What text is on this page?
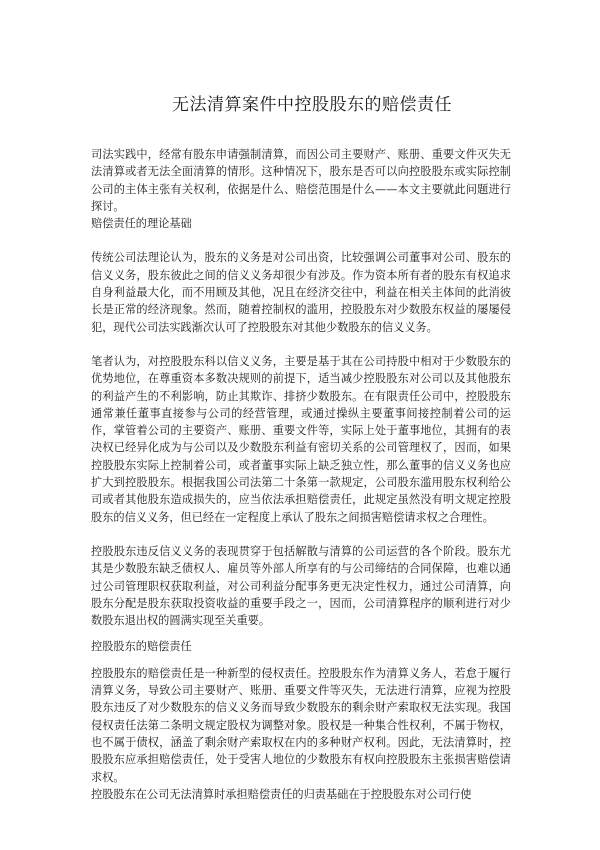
无法清算案件中控股股东的赔偿责任

司法实践中，经常有股东申请强制清算，而因公司主要财产、账册、重要文件灭失无法清算或者无法全面清算的情形。这种情况下，股东是否可以向控股股东或实际控制公司的主体主张有关权利，依据是什么、赔偿范围是什么——本文主要就此问题进行探讨。

赔偿责任的理论基础

传统公司法理论认为，股东的义务是对公司出资，比较强调公司董事对公司、股东的信义义务，股东彼此之间的信义义务却很少有涉及。作为资本所有者的股东有权追求自身利益最大化，而不用顾及其他，况且在经济交往中，利益在相关主体间的此消彼长是正常的经济现象。然而，随着控制权的滥用，控股股东对少数股东权益的屡屡侵犯，现代公司法实践渐次认可了控股股东对其他少数股东的信义义务。

笔者认为，对控股股东科以信义义务，主要是基于其在公司持股中相对于少数股东的优势地位，在尊重资本多数决规则的前提下，适当减少控股股东对公司以及其他股东的利益产生的不利影响，防止其欺诈、排挤少数股东。在有限责任公司中，控股股东通常兼任董事直接参与公司的经营管理，或通过操纵主要董事间接控制着公司的运作，掌管着公司的主要资产、账册、重要文件等，实际上处于董事地位，其拥有的表决权已经异化成为与公司以及少数股东利益有密切关系的公司管理权了，因而，如果控股股东实际上控制着公司，或者董事实际上缺乏独立性，那么董事的信义义务也应扩大到控股股东。根据我国公司法第二十条第一款规定，公司股东滥用股东权利给公司或者其他股东造成损失的，应当依法承担赔偿责任，此规定虽然没有明文规定控股股东的信义义务，但已经在一定程度上承认了股东之间损害赔偿请求权之合理性。

控股股东违反信义义务的表现贯穿于包括解散与清算的公司运营的各个阶段。股东尤其是少数股东缺乏债权人、雇员等外部人所享有的与公司缔结的合同保障，也难以通过公司管理职权获取利益，对公司利益分配事务更无决定性权力，通过公司清算，向股东分配是股东获取投资收益的重要手段之一，因而，公司清算程序的顺利进行对少数股东退出权的圆满实现至关重要。

控股股东的赔偿责任

控股股东的赔偿责任是一种新型的侵权责任。控股股东作为清算义务人，若怠于履行清算义务，导致公司主要财产、账册、重要文件等灭失，无法进行清算，应视为控股股东违反了对少数股东的信义义务而导致少数股东的剩余财产索取权无法实现。我国侵权责任法第二条明文规定股权为调整对象。股权是一种集合性权利，不属于物权，也不属于债权，涵盖了剩余财产索取权在内的多种财产权利。因此，无法清算时，控股股东应承担赔偿责任，处于受害人地位的少数股东有权向控股股东主张损害赔偿请求权。

控股股东在公司无法清算时承担赔偿责任的归责基础在于控股股东对公司行使
